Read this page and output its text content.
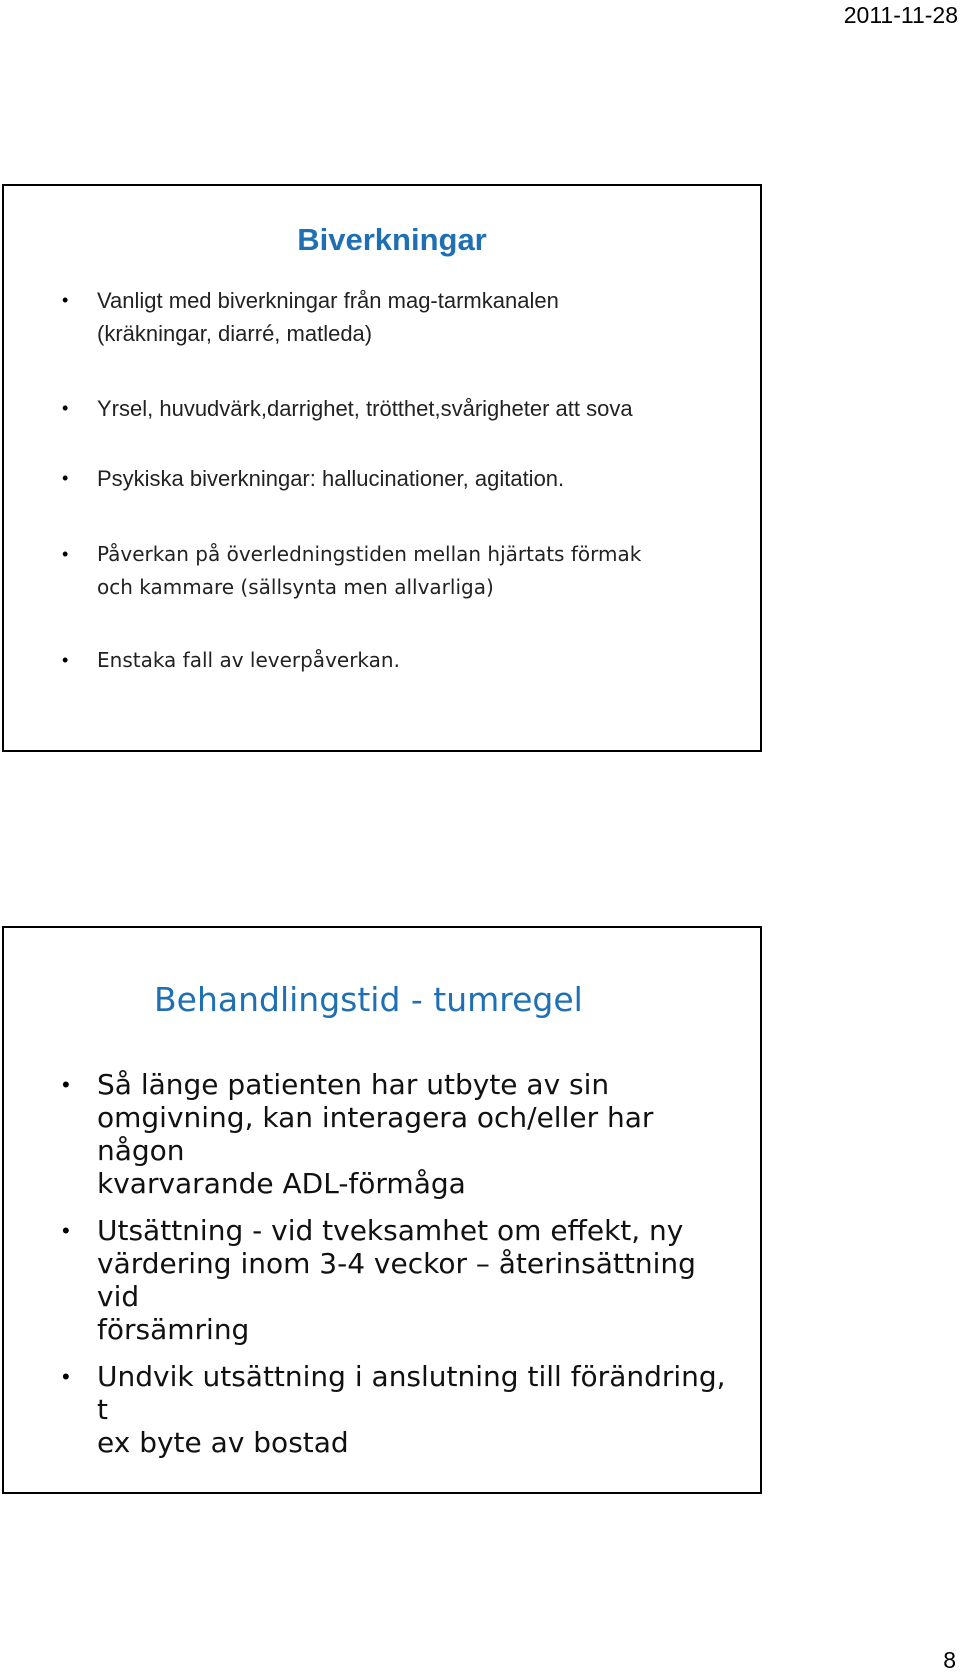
2011-11-28
Biverkningar
• Vanligt med biverkningar från mag-tarmkanalen
(kräkningar, diarré, matleda)
• Yrsel, huvudvärk,darrighet, trötthet,svårigheter att sova
• Psykiska biverkningar: hallucinationer, agitation.
• Påverkan på överledningstiden mellan hjärtats förmak
och kammare (sällsynta men allvarliga)
• Enstaka fall av leverpåverkan.
Behandlingstid - tumregel
• Så länge patienten har utbyte av sin
omgivning, kan interagera och/eller har någon
kvarvarande ADL-förmåga
• Utsättning - vid tveksamhet om effekt, ny
värdering inom 3-4 veckor – återinsättning vid
försämring
• Undvik utsättning i anslutning till förändring, t
ex byte av bostad
8
